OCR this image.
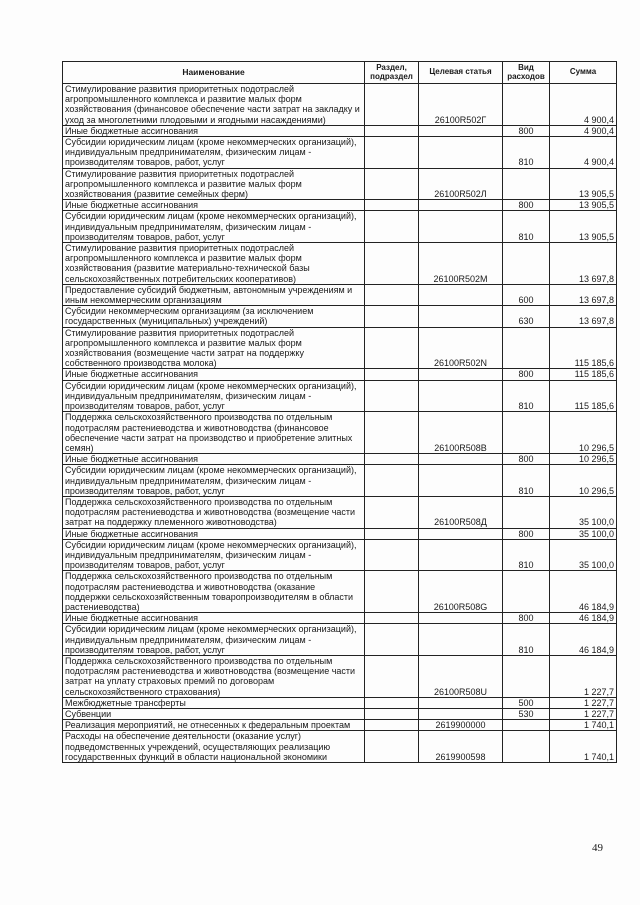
Наименование	Раздел, подраздел	Целевая статья	Вид расходов	Сумма
Стимулирование развития приоритетных подотраслей агропромышленного комплекса и развитие малых форм хозяйствования (финансовое обеспечение части затрат на закладку и уход за многолетними плодовыми и ягодными насаждениями)		26100R502Г		4 900,4
Иные бюджетные ассигнования			800	4 900,4
Субсидии юридическим лицам (кроме некоммерческих организаций), индивидуальным предпринимателям, физическим лицам - производителям товаров, работ, услуг			810	4 900,4
Стимулирование развития приоритетных подотраслей агропромышленного комплекса и развитие малых форм хозяйствования (развитие семейных ферм)		26100R502Л		13 905,5
Иные бюджетные ассигнования			800	13 905,5
Субсидии юридическим лицам (кроме некоммерческих организаций), индивидуальным предпринимателям, физическим лицам - производителям товаров, работ, услуг			810	13 905,5
Стимулирование развития приоритетных подотраслей агропромышленного комплекса и развитие малых форм хозяйствования (развитие материально-технической базы сельскохозяйственных потребительских кооперативов)		26100R502M		13 697,8
Предоставление субсидий бюджетным, автономным учреждениям и иным некоммерческим организациям			600	13 697,8
Субсидии некоммерческим организациям (за исключением государственных (муниципальных) учреждений)			630	13 697,8
Стимулирование развития приоритетных подотраслей агропромышленного комплекса и развитие малых форм хозяйствования (возмещение части затрат на поддержку собственного производства молока)		26100R502N		115 185,6
Иные бюджетные ассигнования			800	115 185,6
Субсидии юридическим лицам (кроме некоммерческих организаций), индивидуальным предпринимателям, физическим лицам - производителям товаров, работ, услуг			810	115 185,6
Поддержка сельскохозяйственного производства по отдельным подотраслям растениеводства и животноводства (финансовое обеспечение части затрат на производство и приобретение элитных семян)		26100R508B		10 296,5
Иные бюджетные ассигнования			800	10 296,5
Субсидии юридическим лицам (кроме некоммерческих организаций), индивидуальным предпринимателям, физическим лицам - производителям товаров, работ, услуг			810	10 296,5
Поддержка сельскохозяйственного производства по отдельным подотраслям растениеводства и животноводства (возмещение части затрат на поддержку племенного животноводства)		26100R508Д		35 100,0
Иные бюджетные ассигнования			800	35 100,0
Субсидии юридическим лицам (кроме некоммерческих организаций), индивидуальным предпринимателям, физическим лицам - производителям товаров, работ, услуг			810	35 100,0
Поддержка сельскохозяйственного производства по отдельным подотраслям растениеводства и животноводства (оказание поддержки сельскохозяйственным товаропроизводителям в области растениеводства)		26100R508G		46 184,9
Иные бюджетные ассигнования			800	46 184,9
Субсидии юридическим лицам (кроме некоммерческих организаций), индивидуальным предпринимателям, физическим лицам - производителям товаров, работ, услуг			810	46 184,9
Поддержка сельскохозяйственного производства по отдельным подотраслям растениеводства и животноводства (возмещение части затрат на уплату страховых премий по договорам сельскохозяйственного страхования)		26100R508U		1 227,7
Межбюджетные трансферты			500	1 227,7
Субвенции			530	1 227,7
Реализация мероприятий, не отнесенных к федеральным проектам		2619900000		1 740,1
Расходы на обеспечение деятельности (оказание услуг) подведомственных учреждений, осуществляющих реализацию государственных функций в области национальной экономики		2619900598		1 740,1
49
